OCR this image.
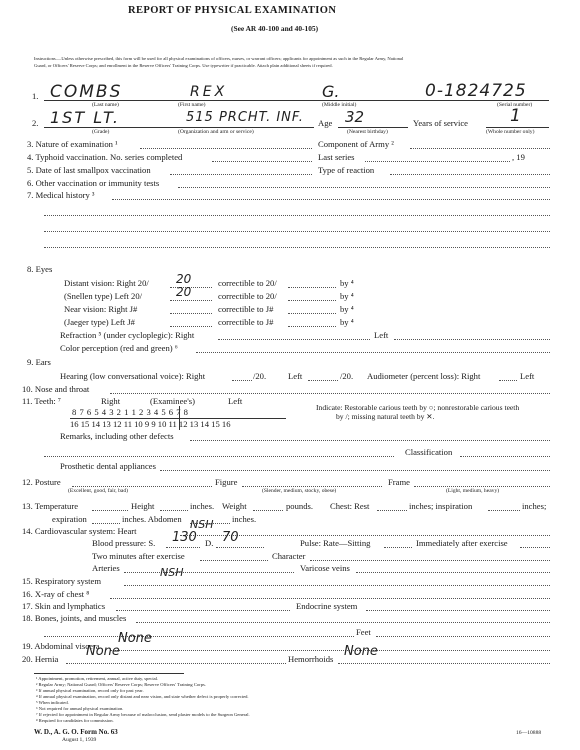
REPORT OF PHYSICAL EXAMINATION
(See AR 40-100 and 40-105)
Instructions.—Unless otherwise prescribed, this form will be used for all physical examinations of officers, nurses, or warrant officers; applicants for appointment as such in the Regular Army, National
Guard, or Officers' Reserve Corps; and enrollment in the Reserve Officers' Training Corps. Use typewriter if practicable. Attach plain additional sheets if required.
1. COMBS	REX	G.	0-1824725
(Last name)	(First name)	(Middle initial)	(Serial number)
2. 1ST LT.	515 PRCHT. INF. Age 32	Years of service 1
(Grade)	(Organization and arm or service)	(Nearest birthday)	(Whole number only)
3. Nature of examination ¹	Component of Army ²
4. Typhoid vaccination. No. series completed	Last series	, 19
5. Date of last smallpox vaccination	Type of reaction
6. Other vaccination or immunity tests
7. Medical history ³
8. Eyes
Distant vision: Right 20/ 20	correctible to 20/	by ⁴
(Snellen type) Left 20/	20	correctible to 20/	by ⁴
Near vision: Right J#	correctible to J#	by ⁴
(Jaeger type) Left J#	correctible to J#	by ⁴
Refraction ⁵ (under cycloplegic): Right	Left
Color perception (red and green) ⁶
9. Ears
Hearing (low conversational voice): Right	/20.	Left	/20. Audiometer (percent loss): Right	Left
10. Nose and throat
11. Teeth: ⁷	Right	(Examinee's)	Left
8 7 6 5 4 3 2 1 1 2 3 4 5 6 7 8
16 15 14 13 12 11 10 9 9 10 11 12 13 14 15 16
Indicate: Restorable carious teeth by ○; nonrestorable carious teeth
by /; missing natural teeth by ✕.
Remarks, including other defects
Classification
Prosthetic dental appliances
12. Posture	Figure	Frame
(Excellent, good, fair, bad)	(Slender, medium, stocky, obese)	(Light, medium, heavy)
13. Temperature	Height	inches. Weight	pounds. Chest: Rest	inches; inspiration	inches;
expiration	inches. Abdomen	inches.
14. Cardiovascular system: Heart	NSH
Blood pressure: S. 130 D. 70	Pulse: Rate—Sitting	Immediately after exercise
Two minutes after exercise	Character
Arteries	Varicose veins
15. Respiratory system
NSH
16. X-ray of chest ⁸
17. Skin and lymphatics	Endocrine system
18. Bones, joints, and muscles
Feet
19. Abdominal viscera None
20. Hernia None	Hemorrhoids None
¹ Appointment, promotion, retirement, annual, active duty, special.
² Regular Army; National Guard; Officers' Reserve Corps; Reserve Officers' Training Corps.
³ If annual physical examination, record only for past year.
⁴ If annual physical examination, record only distant and near vision, and state whether defect is properly corrected.
⁵ When indicated.
⁶ Not required for annual physical examination.
⁷ If rejected for appointment in Regular Army because of malocclusion, send plaster models to the Surgeon General.
⁸ Required for candidates for commission.
W. D., A. G. O. Form No. 63
August 1, 1939
16—10888
